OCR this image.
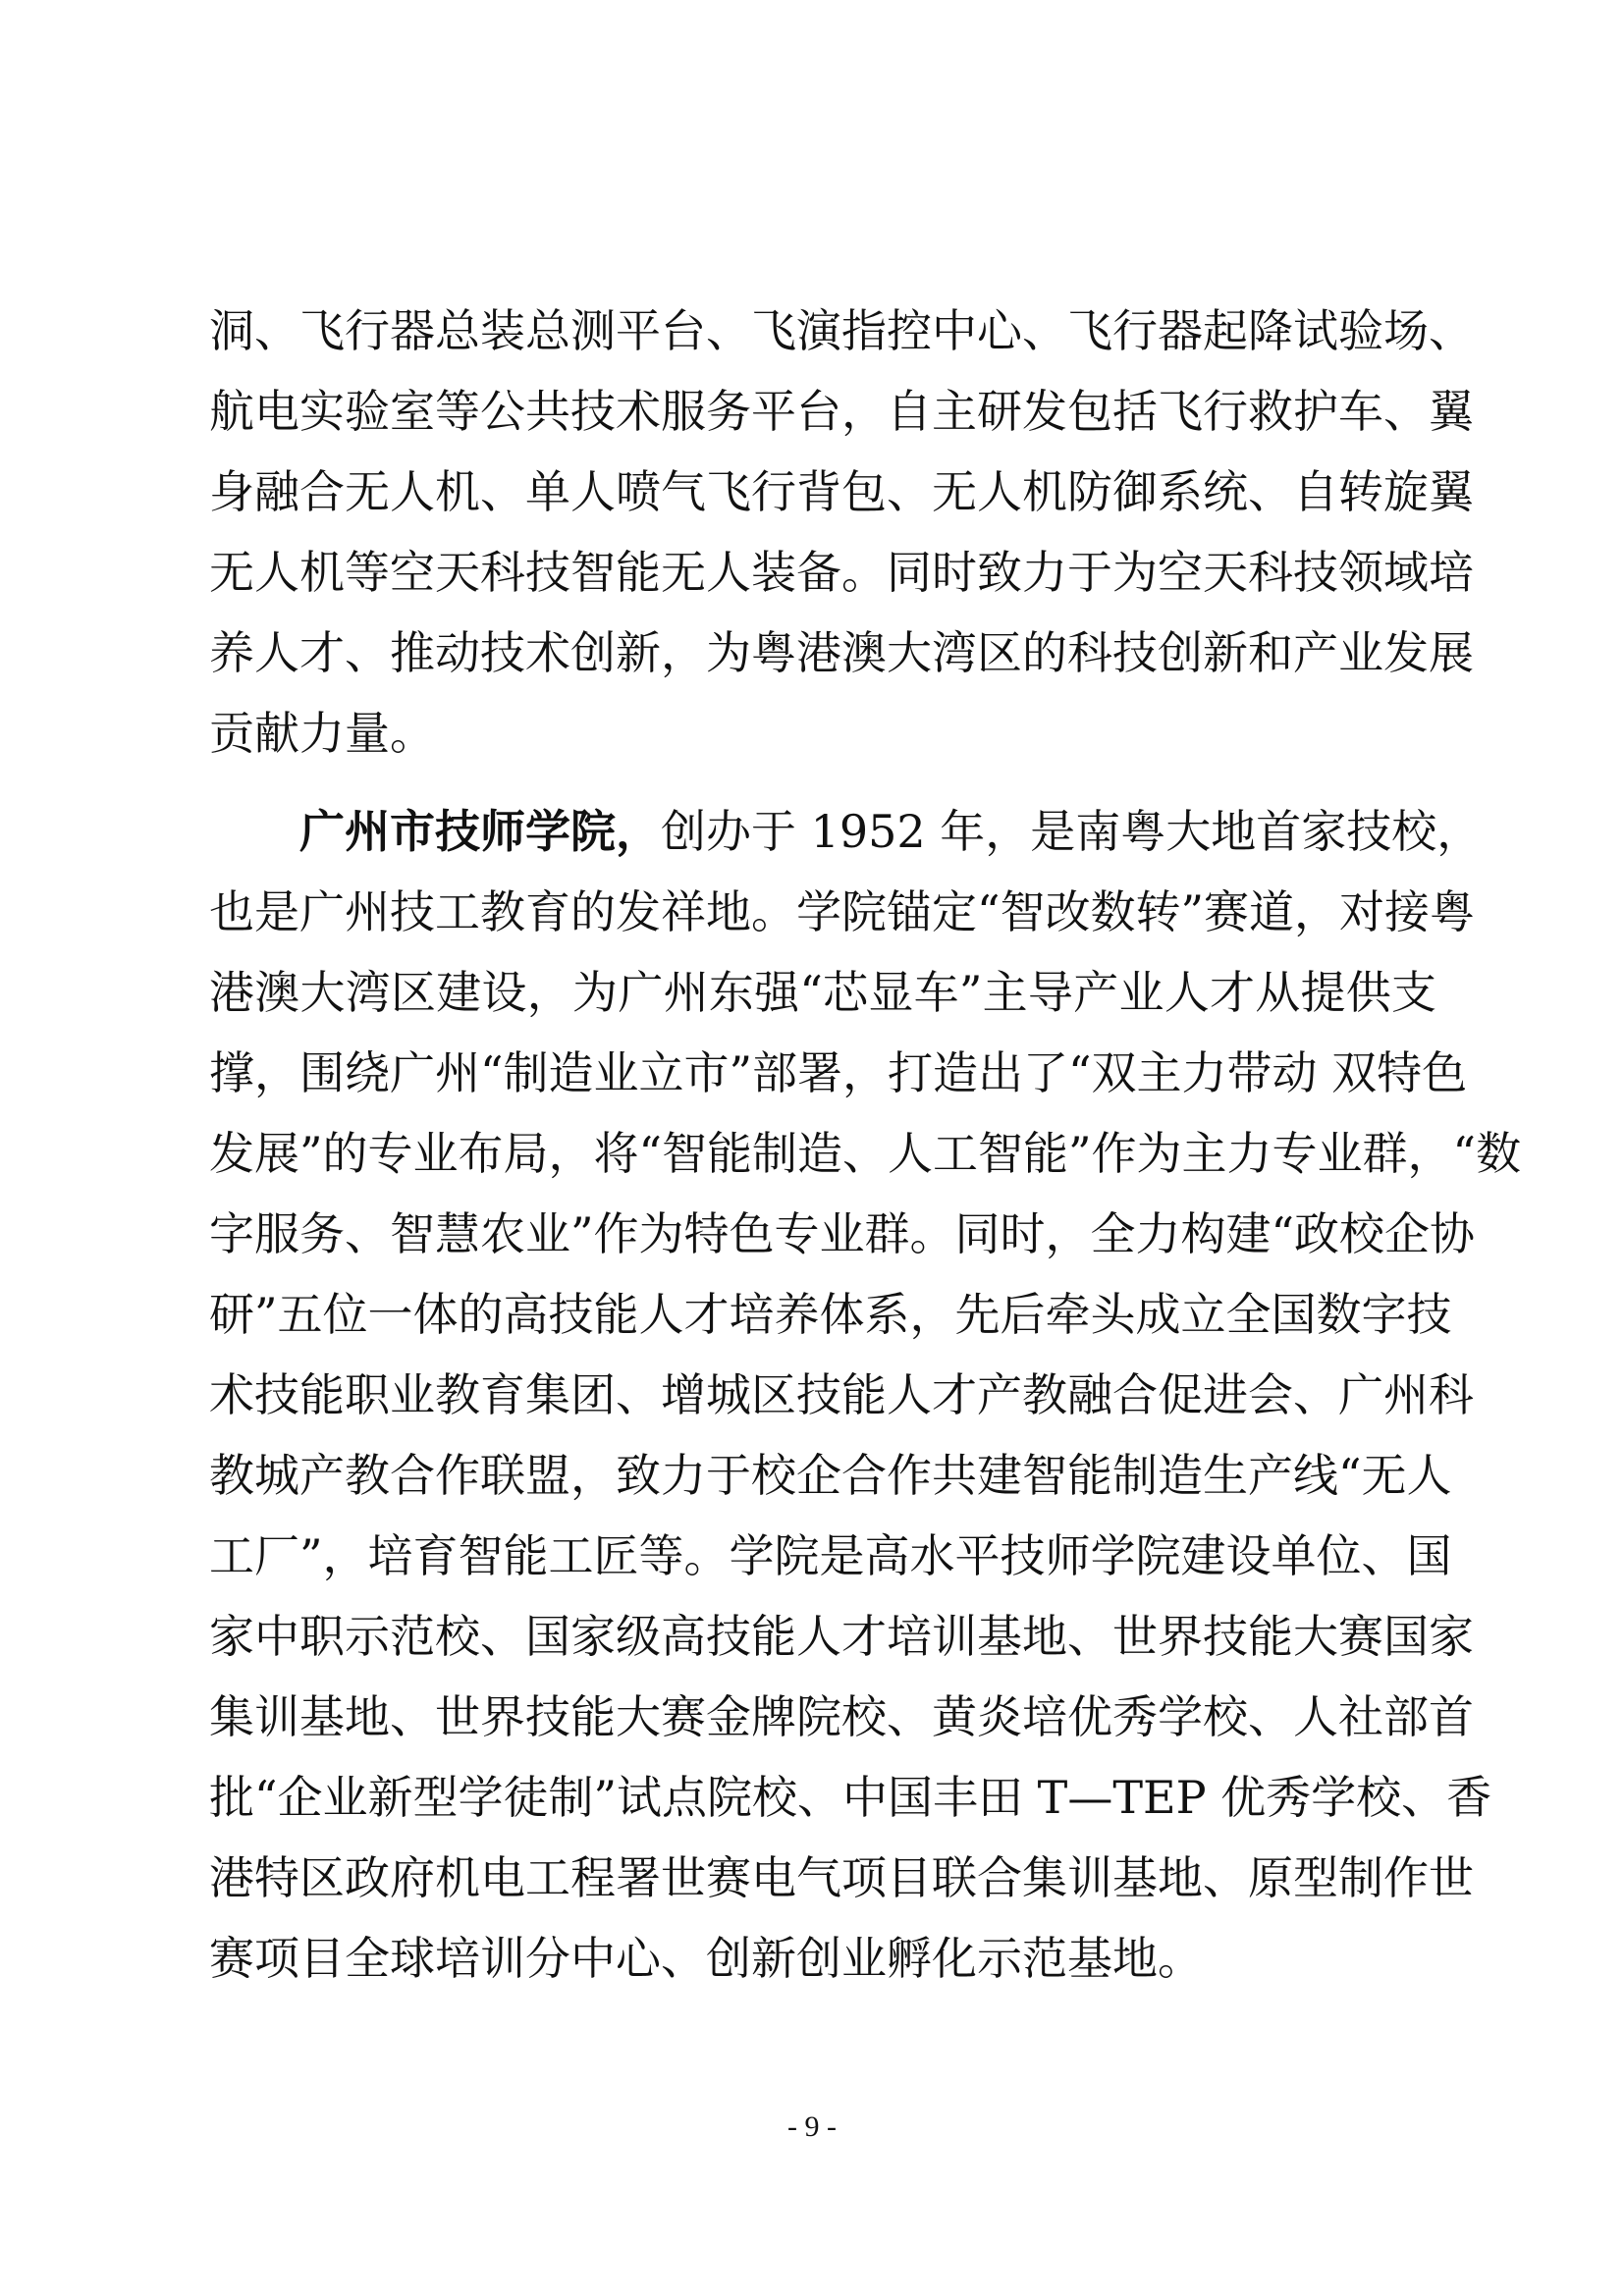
洞、飞行器总装总测平台、飞演指控中心、飞行器起降试验场、
航电实验室等公共技术服务平台，自主研发包括飞行救护车、翼
身融合无人机、单人喷气飞行背包、无人机防御系统、自转旋翼
无人机等空天科技智能无人装备。同时致力于为空天科技领域培
养人才、推动技术创新，为粤港澳大湾区的科技创新和产业发展
贡献力量。
广州市技师学院，创办于 1952 年，是南粤大地首家技校，
也是广州技工教育的发祥地。学院锚定“智改数转”赛道，对接粤
港澳大湾区建设，为广州东强“芯显车”主导产业人才从提供支
撑，围绕广州“制造业立市”部署，打造出了“双主力带动 双特色
发展”的专业布局，将“智能制造、人工智能”作为主力专业群，“数
字服务、智慧农业”作为特色专业群。同时，全力构建“政校企协
研”五位一体的高技能人才培养体系，先后牵头成立全国数字技
术技能职业教育集团、增城区技能人才产教融合促进会、广州科
教城产教合作联盟，致力于校企合作共建智能制造生产线“无人
工厂”，培育智能工匠等。学院是高水平技师学院建设单位、国
家中职示范校、国家级高技能人才培训基地、世界技能大赛国家
集训基地、世界技能大赛金牌院校、黄炎培优秀学校、人社部首
批“企业新型学徒制”试点院校、中国丰田 T—TEP 优秀学校、香
港特区政府机电工程署世赛电气项目联合集训基地、原型制作世
赛项目全球培训分中心、创新创业孵化示范基地。
- 9 -
